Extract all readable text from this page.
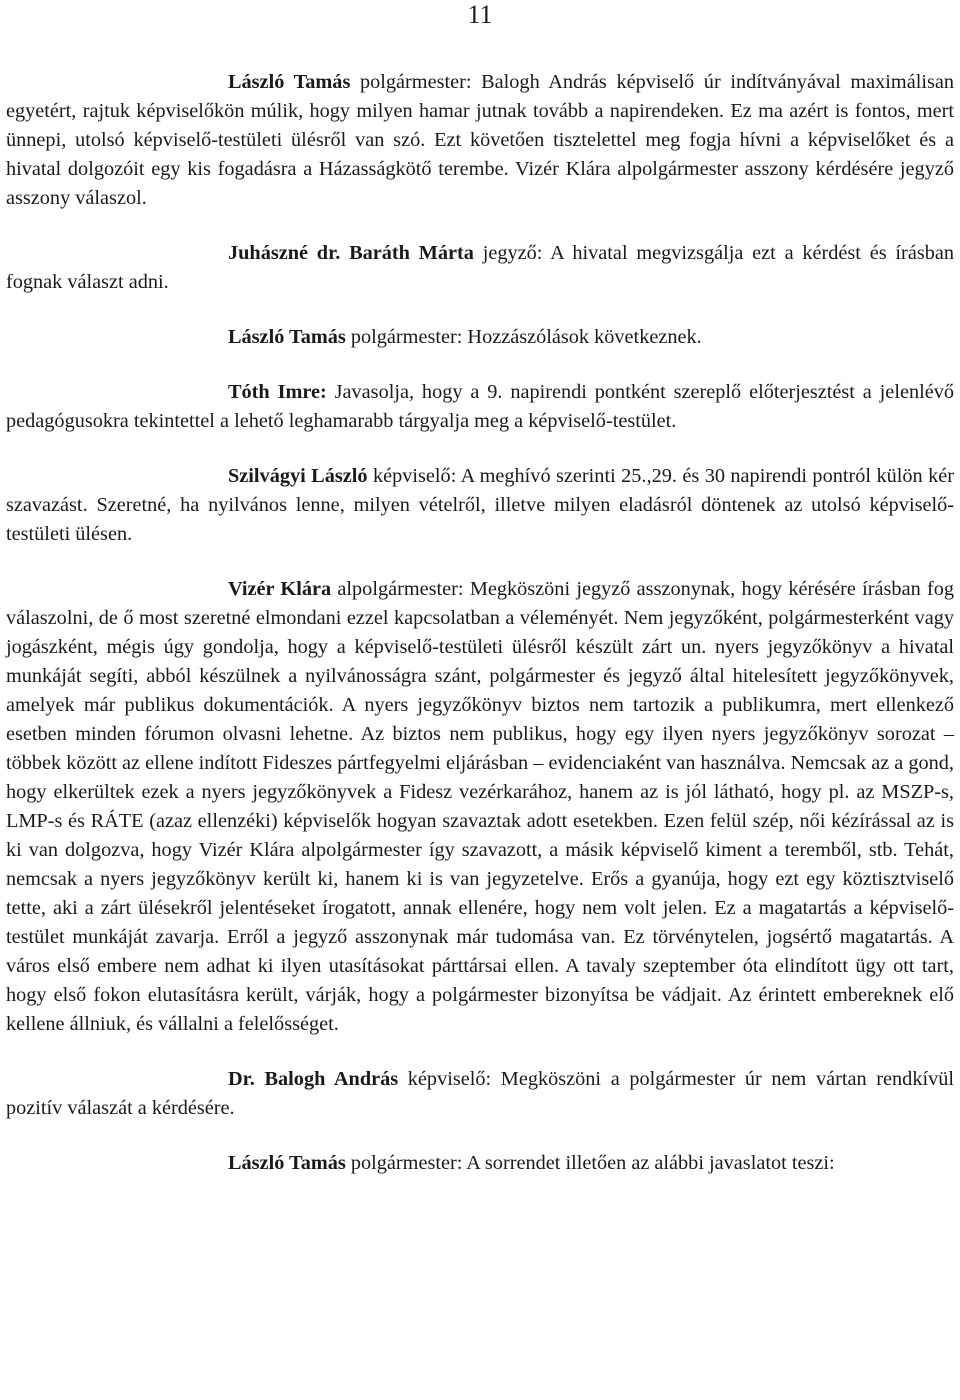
11

László Tamás polgármester: Balogh András képviselő úr indítványával maximálisan egyetért, rajtuk képviselőkön múlik, hogy milyen hamar jutnak tovább a napirendeken. Ez ma azért is fontos, mert ünnepi, utolsó képviselő-testületi ülésről van szó. Ezt követően tisztelettel meg fogja hívni a képviselőket és a hivatal dolgozóit egy kis fogadásra a Házasságkötő terembe. Vizér Klára alpolgármester asszony kérdésére jegyző asszony válaszol.

Juhászné dr. Baráth Márta jegyző: A hivatal megvizsgálja ezt a kérdést és írásban fognak választ adni.

László Tamás polgármester: Hozzászólások következnek.

Tóth Imre: Javasolja, hogy a 9. napirendi pontként szereplő előterjesztést a jelenlévő pedagógusokra tekintettel a lehető leghamarabb tárgyalja meg a képviselő-testület.

Szilvágyi László képviselő: A meghívó szerinti 25.,29. és 30 napirendi pontról külön kér szavazást. Szeretné, ha nyilvános lenne, milyen vételről, illetve milyen eladásról döntenek az utolsó képviselő-testületi ülésen.

Vizér Klára alpolgármester: Megköszöni jegyző asszonynak, hogy kérésére írásban fog válaszolni, de ő most szeretné elmondani ezzel kapcsolatban a véleményét. Nem jegyzőként, polgármesterként vagy jogászként, mégis úgy gondolja, hogy a képviselő-testületi ülésről készült zárt un. nyers jegyzőkönyv a hivatal munkáját segíti, abból készülnek a nyilvánosságra szánt, polgármester és jegyző által hitelesített jegyzőkönyvek, amelyek már publikus dokumentációk. A nyers jegyzőkönyv biztos nem tartozik a publikumra, mert ellenkező esetben minden fórumon olvasni lehetne. Az biztos nem publikus, hogy egy ilyen nyers jegyzőkönyv sorozat – többek között az ellene indított Fideszes pártfegyelmi eljárásban – evidenciaként van használva. Nemcsak az a gond, hogy elkerültek ezek a nyers jegyzőkönyvek a Fidesz vezérkarához, hanem az is jól látható, hogy pl. az MSZP-s, LMP-s és RÁTE (azaz ellenzéki) képviselők hogyan szavaztak adott esetekben. Ezen felül szép, női kézírással az is ki van dolgozva, hogy Vizér Klára alpolgármester így szavazott, a másik képviselő kiment a teremből, stb. Tehát, nemcsak a nyers jegyzőkönyv került ki, hanem ki is van jegyzetelve. Erős a gyanúja, hogy ezt egy köztisztviselő tette, aki a zárt ülésekről jelentéseket írogatott, annak ellenére, hogy nem volt jelen. Ez a magatartás a képviselő-testület munkáját zavarja. Erről a jegyző asszonynak már tudomása van. Ez törvénytelen, jogsértő magatartás. A város első embere nem adhat ki ilyen utasításokat párttársai ellen. A tavaly szeptember óta elindított ügy ott tart, hogy első fokon elutasításra került, várják, hogy a polgármester bizonyítsa be vádjait. Az érintett embereknek elő kellene állniuk, és vállalni a felelősséget.

Dr. Balogh András képviselő: Megköszöni a polgármester úr nem vártan rendkívül pozitív válaszát a kérdésére.

László Tamás polgármester: A sorrendet illetően az alábbi javaslatot teszi:
